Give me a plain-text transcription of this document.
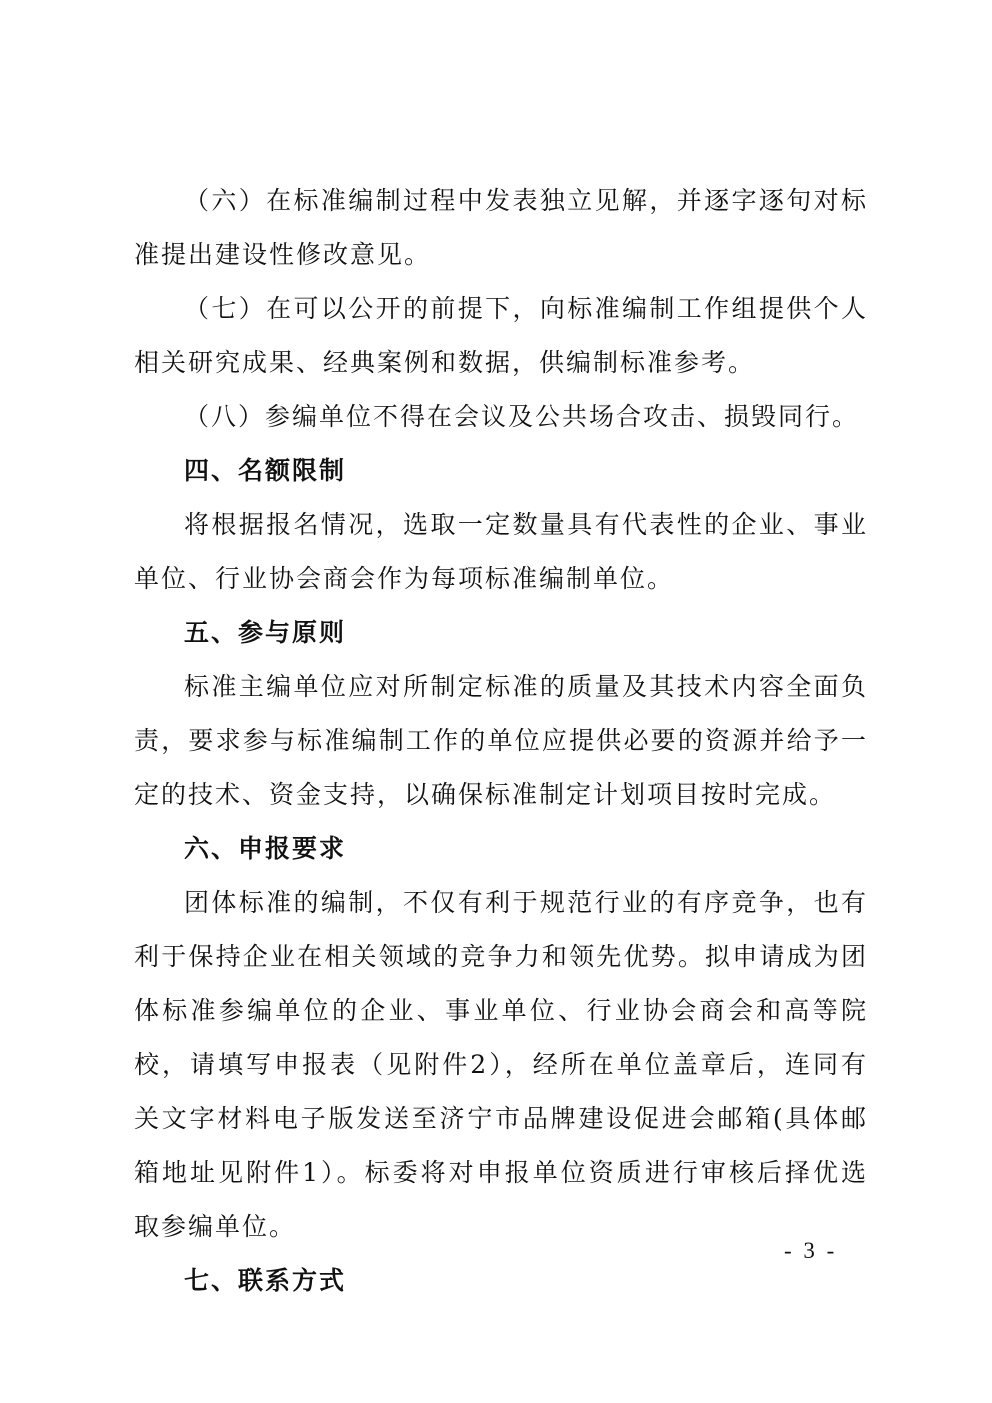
（六）在标准编制过程中发表独立见解，并逐字逐句对标准提出建设性修改意见。

（七）在可以公开的前提下，向标准编制工作组提供个人相关研究成果、经典案例和数据，供编制标准参考。

（八）参编单位不得在会议及公共场合攻击、损毁同行。

四、名额限制

将根据报名情况，选取一定数量具有代表性的企业、事业单位、行业协会商会作为每项标准编制单位。

五、参与原则

标准主编单位应对所制定标准的质量及其技术内容全面负责，要求参与标准编制工作的单位应提供必要的资源并给予一定的技术、资金支持，以确保标准制定计划项目按时完成。

六、申报要求

团体标准的编制，不仅有利于规范行业的有序竞争，也有利于保持企业在相关领域的竞争力和领先优势。拟申请成为团体标准参编单位的企业、事业单位、行业协会商会和高等院校，请填写申报表（见附件2），经所在单位盖章后，连同有关文字材料电子版发送至济宁市品牌建设促进会邮箱(具体邮箱地址见附件1）。标委将对申报单位资质进行审核后择优选取参编单位。

七、联系方式

- 3 -
